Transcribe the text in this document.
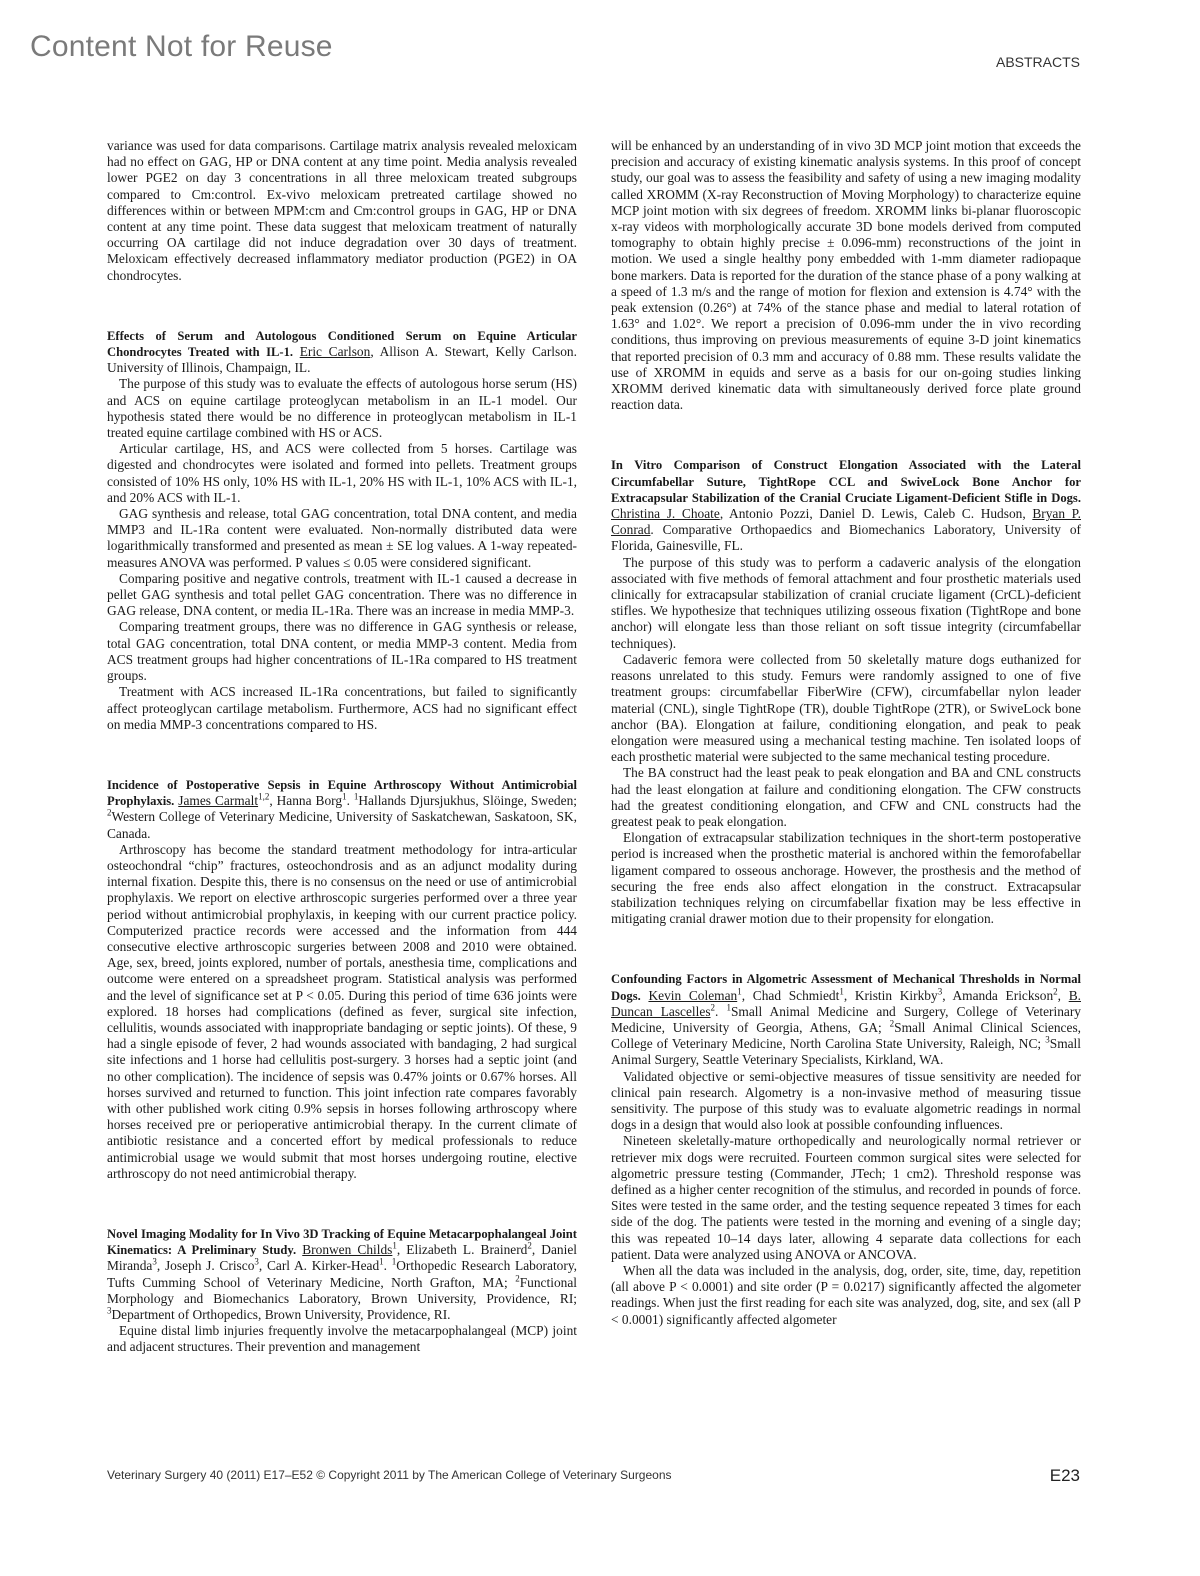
Content Not for Reuse	ABSTRACTS

variance was used for data comparisons. Cartilage matrix analysis revealed meloxicam had no effect on GAG, HP or DNA content at any time point. Media analysis revealed lower PGE2 on day 3 concentrations in all three meloxicam treated subgroups compared to Cm:control. Ex-vivo meloxicam pretreated cartilage showed no differences within or between MPM:cm and Cm:control groups in GAG, HP or DNA content at any time point. These data suggest that meloxicam treatment of naturally occurring OA cartilage did not induce degradation over 30 days of treatment. Meloxicam effectively decreased inflammatory mediator production (PGE2) in OA chondrocytes.

Effects of Serum and Autologous Conditioned Serum on Equine Articular Chondrocytes Treated with IL-1. Eric Carlson, Allison A. Stewart, Kelly Carlson. University of Illinois, Champaign, IL.

The purpose of this study was to evaluate the effects of autologous horse serum (HS) and ACS on equine cartilage proteoglycan metabolism in an IL-1 model. Our hypothesis stated there would be no difference in proteoglycan metabolism in IL-1 treated equine cartilage combined with HS or ACS.

Articular cartilage, HS, and ACS were collected from 5 horses. Cartilage was digested and chondrocytes were isolated and formed into pellets. Treatment groups consisted of 10% HS only, 10% HS with IL-1, 20% HS with IL-1, 10% ACS with IL-1, and 20% ACS with IL-1.

GAG synthesis and release, total GAG concentration, total DNA content, and media MMP3 and IL-1Ra content were evaluated. Non-normally distributed data were logarithmically transformed and presented as mean ± SE log values. A 1-way repeated-measures ANOVA was performed. P values ≤ 0.05 were considered significant.

Comparing positive and negative controls, treatment with IL-1 caused a decrease in pellet GAG synthesis and total pellet GAG concentration. There was no difference in GAG release, DNA content, or media IL-1Ra. There was an increase in media MMP-3.

Comparing treatment groups, there was no difference in GAG synthesis or release, total GAG concentration, total DNA content, or media MMP-3 content. Media from ACS treatment groups had higher concentrations of IL-1Ra compared to HS treatment groups.

Treatment with ACS increased IL-1Ra concentrations, but failed to significantly affect proteoglycan cartilage metabolism. Furthermore, ACS had no significant effect on media MMP-3 concentrations compared to HS.

Incidence of Postoperative Sepsis in Equine Arthroscopy Without Antimicrobial Prophylaxis. James Carmalt$^{1,2}$, Hanna Borg$^1$. $^1$Hallands Djursjukhus, Slöinge, Sweden; $^2$Western College of Veterinary Medicine, University of Saskatchewan, Saskatoon, SK, Canada.

Arthroscopy has become the standard treatment methodology for intra-articular osteochondral “chip” fractures, osteochondrosis and as an adjunct modality during internal fixation. Despite this, there is no consensus on the need or use of antimicrobial prophylaxis. We report on elective arthroscopic surgeries performed over a three year period without antimicrobial prophylaxis, in keeping with our current practice policy. Computerized practice records were accessed and the information from 444 consecutive elective arthroscopic surgeries between 2008 and 2010 were obtained. Age, sex, breed, joints explored, number of portals, anesthesia time, complications and outcome were entered on a spreadsheet program. Statistical analysis was performed and the level of significance set at P < 0.05. During this period of time 636 joints were explored. 18 horses had complications (defined as fever, surgical site infection, cellulitis, wounds associated with inappropriate bandaging or septic joints). Of these, 9 had a single episode of fever, 2 had wounds associated with bandaging, 2 had surgical site infections and 1 horse had cellulitis post-surgery. 3 horses had a septic joint (and no other complication). The incidence of sepsis was 0.47% joints or 0.67% horses. All horses survived and returned to function. This joint infection rate compares favorably with other published work citing 0.9% sepsis in horses following arthroscopy where horses received pre or perioperative antimicrobial therapy. In the current climate of antibiotic resistance and a concerted effort by medical professionals to reduce antimicrobial usage we would submit that most horses undergoing routine, elective arthroscopy do not need antimicrobial therapy.

Novel Imaging Modality for In Vivo 3D Tracking of Equine Metacarpophalangeal Joint Kinematics: A Preliminary Study. Bronwen Childs$^1$, Elizabeth L. Brainerd$^2$, Daniel Miranda$^3$, Joseph J. Crisco$^3$, Carl A. Kirker-Head$^1$. $^1$Orthopedic Research Laboratory, Tufts Cumming School of Veterinary Medicine, North Grafton, MA; $^2$Functional Morphology and Biomechanics Laboratory, Brown University, Providence, RI; $^3$Department of Orthopedics, Brown University, Providence, RI.

Equine distal limb injuries frequently involve the metacarpophalangeal (MCP) joint and adjacent structures. Their prevention and management

will be enhanced by an understanding of in vivo 3D MCP joint motion that exceeds the precision and accuracy of existing kinematic analysis systems. In this proof of concept study, our goal was to assess the feasibility and safety of using a new imaging modality called XROMM (X-ray Reconstruction of Moving Morphology) to characterize equine MCP joint motion with six degrees of freedom. XROMM links bi-planar fluoroscopic x-ray videos with morphologically accurate 3D bone models derived from computed tomography to obtain highly precise ± 0.096-mm) reconstructions of the joint in motion. We used a single healthy pony embedded with 1-mm diameter radiopaque bone markers. Data is reported for the duration of the stance phase of a pony walking at a speed of 1.3 m/s and the range of motion for flexion and extension is 4.74° with the peak extension (0.26°) at 74% of the stance phase and medial to lateral rotation of 1.63° and 1.02°. We report a precision of 0.096-mm under the in vivo recording conditions, thus improving on previous measurements of equine 3-D joint kinematics that reported precision of 0.3 mm and accuracy of 0.88 mm. These results validate the use of XROMM in equids and serve as a basis for our on-going studies linking XROMM derived kinematic data with simultaneously derived force plate ground reaction data.

In Vitro Comparison of Construct Elongation Associated with the Lateral Circumfabellar Suture, TightRope CCL and SwiveLock Bone Anchor for Extracapsular Stabilization of the Cranial Cruciate Ligament-Deficient Stifle in Dogs. Christina J. Choate, Antonio Pozzi, Daniel D. Lewis, Caleb C. Hudson, Bryan P. Conrad. Comparative Orthopaedics and Biomechanics Laboratory, University of Florida, Gainesville, FL.

The purpose of this study was to perform a cadaveric analysis of the elongation associated with five methods of femoral attachment and four prosthetic materials used clinically for extracapsular stabilization of cranial cruciate ligament (CrCL)-deficient stifles. We hypothesize that techniques utilizing osseous fixation (TightRope and bone anchor) will elongate less than those reliant on soft tissue integrity (circumfabellar techniques).

Cadaveric femora were collected from 50 skeletally mature dogs euthanized for reasons unrelated to this study. Femurs were randomly assigned to one of five treatment groups: circumfabellar FiberWire (CFW), circumfabellar nylon leader material (CNL), single TightRope (TR), double TightRope (2TR), or SwiveLock bone anchor (BA). Elongation at failure, conditioning elongation, and peak to peak elongation were measured using a mechanical testing machine. Ten isolated loops of each prosthetic material were subjected to the same mechanical testing procedure.

The BA construct had the least peak to peak elongation and BA and CNL constructs had the least elongation at failure and conditioning elongation. The CFW constructs had the greatest conditioning elongation, and CFW and CNL constructs had the greatest peak to peak elongation.

Elongation of extracapsular stabilization techniques in the short-term postoperative period is increased when the prosthetic material is anchored within the femorofabellar ligament compared to osseous anchorage. However, the prosthesis and the method of securing the free ends also affect elongation in the construct. Extracapsular stabilization techniques relying on circumfabellar fixation may be less effective in mitigating cranial drawer motion due to their propensity for elongation.

Confounding Factors in Algometric Assessment of Mechanical Thresholds in Normal Dogs. Kevin Coleman$^1$, Chad Schmiedt$^1$, Kristin Kirkby$^3$, Amanda Erickson$^2$, B. Duncan Lascelles$^2$. $^1$Small Animal Medicine and Surgery, College of Veterinary Medicine, University of Georgia, Athens, GA; $^2$Small Animal Clinical Sciences, College of Veterinary Medicine, North Carolina State University, Raleigh, NC; $^3$Small Animal Surgery, Seattle Veterinary Specialists, Kirkland, WA.

Validated objective or semi-objective measures of tissue sensitivity are needed for clinical pain research. Algometry is a non-invasive method of measuring tissue sensitivity. The purpose of this study was to evaluate algometric readings in normal dogs in a design that would also look at possible confounding influences.

Nineteen skeletally-mature orthopedically and neurologically normal retriever or retriever mix dogs were recruited. Fourteen common surgical sites were selected for algometric pressure testing (Commander, JTech; 1 cm2). Threshold response was defined as a higher center recognition of the stimulus, and recorded in pounds of force. Sites were tested in the same order, and the testing sequence repeated 3 times for each side of the dog. The patients were tested in the morning and evening of a single day; this was repeated 10–14 days later, allowing 4 separate data collections for each patient. Data were analyzed using ANOVA or ANCOVA.

When all the data was included in the analysis, dog, order, site, time, day, repetition (all above P < 0.0001) and site order (P = 0.0217) significantly affected the algometer readings. When just the first reading for each site was analyzed, dog, site, and sex (all P < 0.0001) significantly affected algometer

Veterinary Surgery 40 (2011) E17–E52 © Copyright 2011 by The American College of Veterinary Surgeons	E23
